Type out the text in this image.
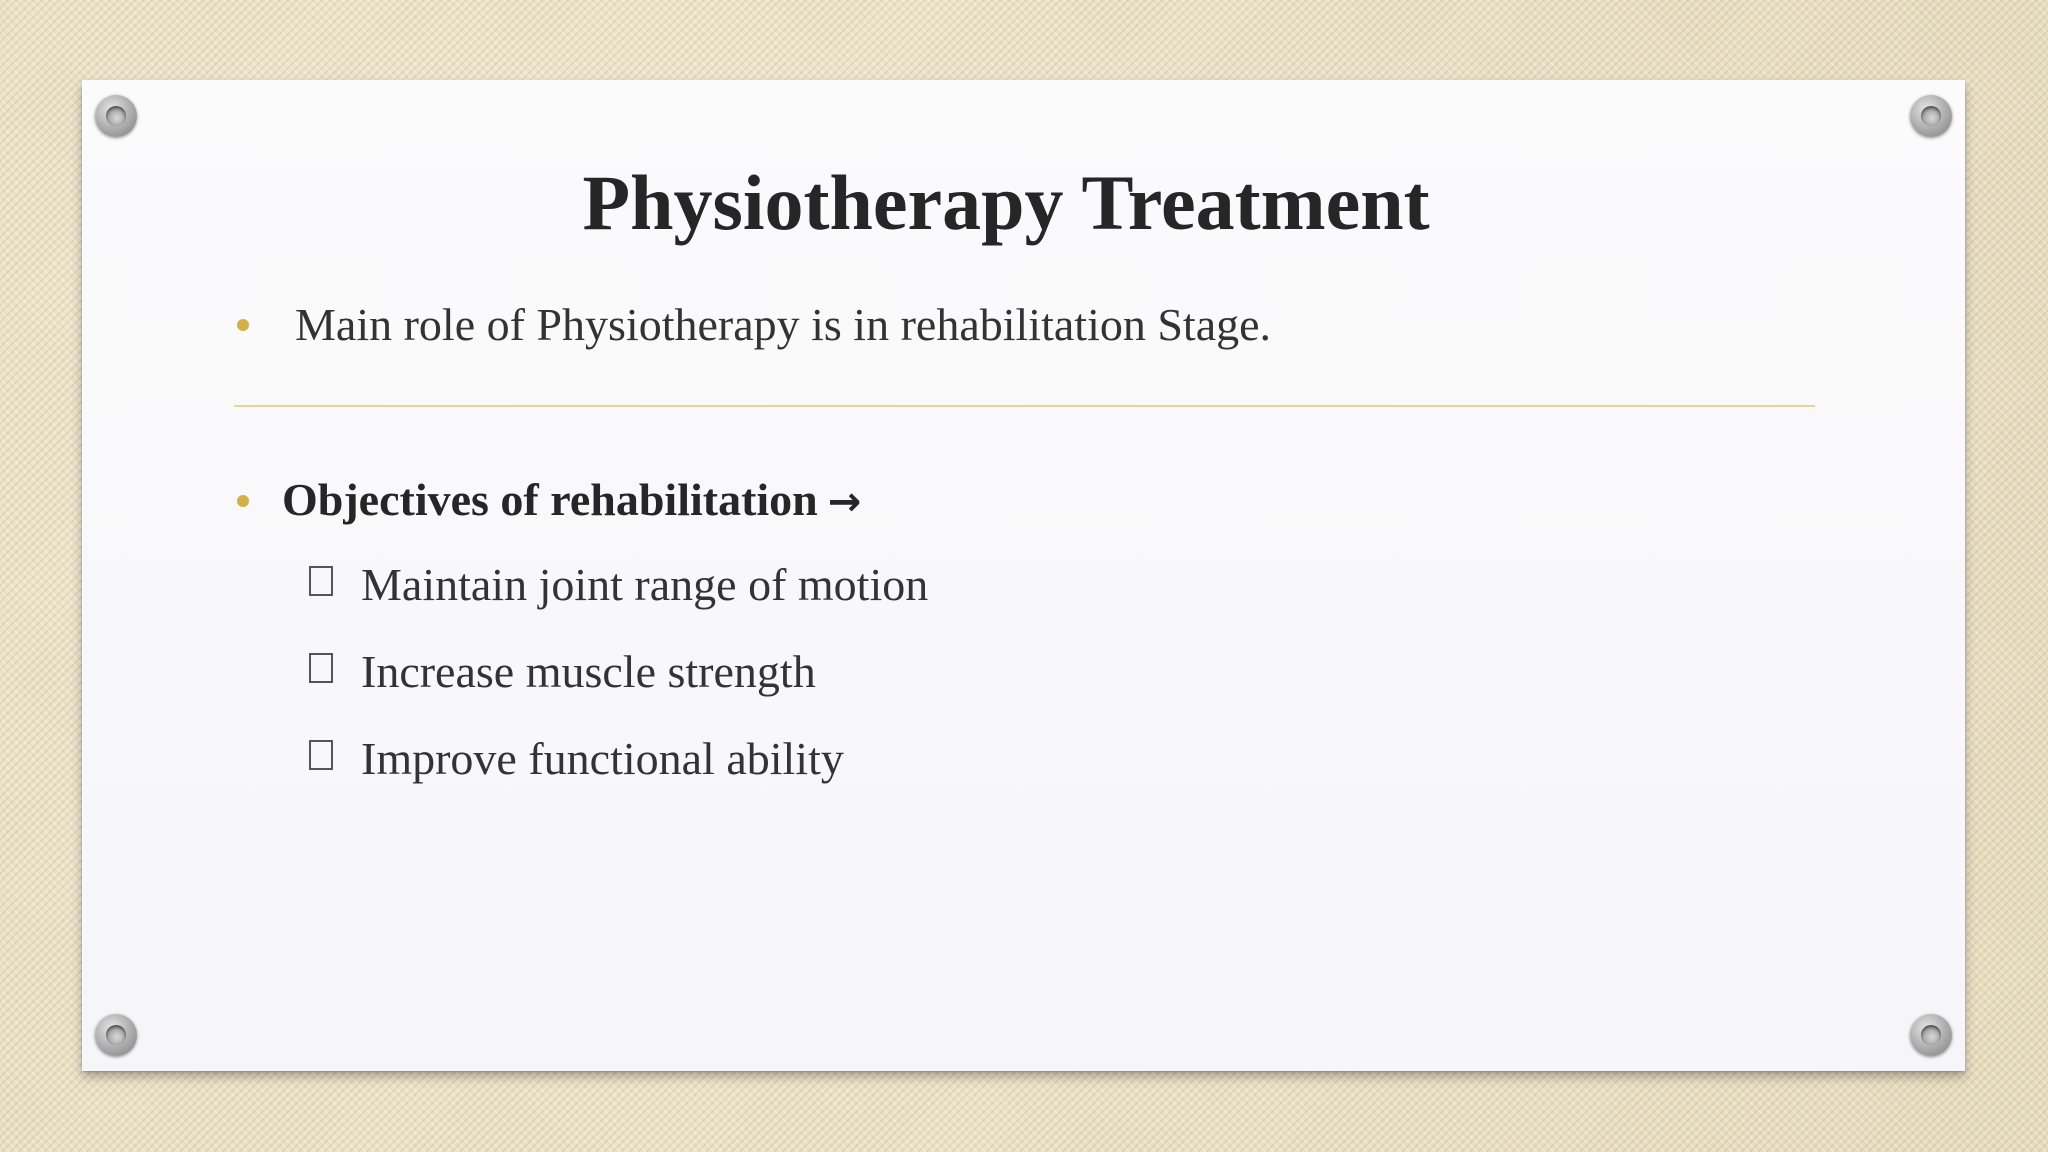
Physiotherapy Treatment

Main role of Physiotherapy is in rehabilitation Stage.

Objectives of rehabilitation →

Maintain joint range of motion
Increase muscle strength
Improve functional ability
